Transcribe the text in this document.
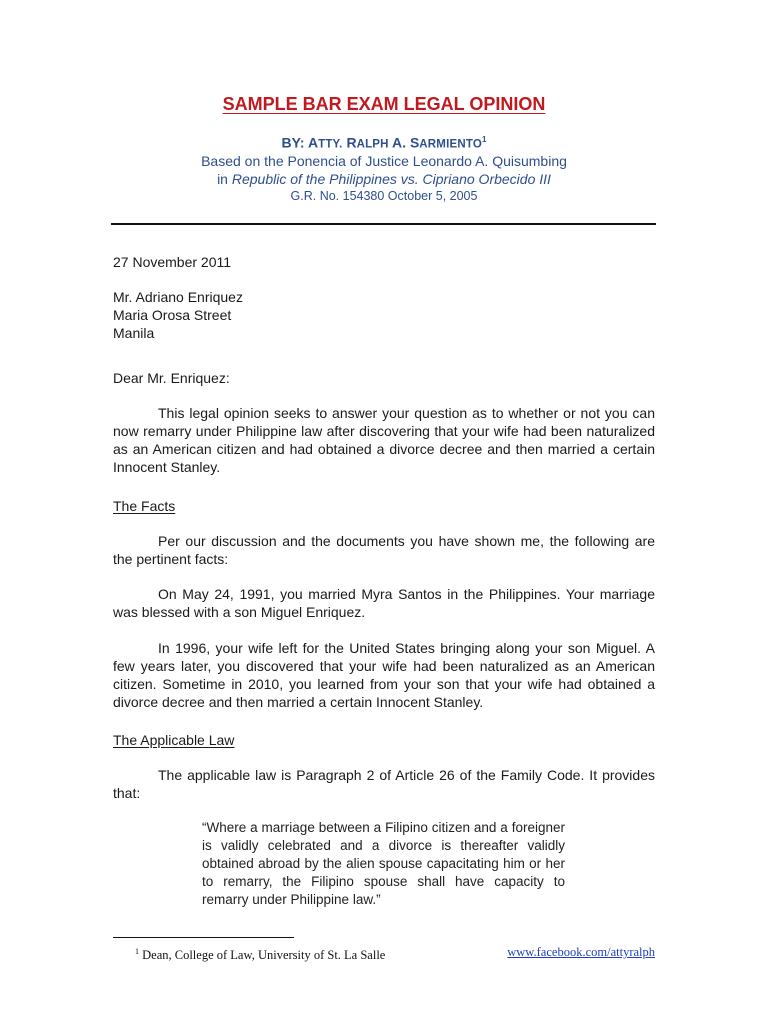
SAMPLE BAR EXAM LEGAL OPINION
BY: ATTY. RALPH A. SARMIENTO$^1$
Based on the Ponencia of Justice Leonardo A. Quisumbing
in Republic of the Philippines vs. Cipriano Orbecido III
G.R. No. 154380 October 5, 2005
27 November 2011
Mr. Adriano Enriquez
Maria Orosa Street
Manila
Dear Mr. Enriquez:
This legal opinion seeks to answer your question as to whether or not you can now remarry under Philippine law after discovering that your wife had been naturalized as an American citizen and had obtained a divorce decree and then married a certain Innocent Stanley.
The Facts
Per our discussion and the documents you have shown me, the following are the pertinent facts:
On May 24, 1991, you married Myra Santos in the Philippines. Your marriage was blessed with a son Miguel Enriquez.
In 1996, your wife left for the United States bringing along your son Miguel. A few years later, you discovered that your wife had been naturalized as an American citizen. Sometime in 2010, you learned from your son that your wife had obtained a divorce decree and then married a certain Innocent Stanley.
The Applicable Law
The applicable law is Paragraph 2 of Article 26 of the Family Code. It provides that:
“Where a marriage between a Filipino citizen and a foreigner is validly celebrated and a divorce is thereafter validly obtained abroad by the alien spouse capacitating him or her to remarry, the Filipino spouse shall have capacity to remarry under Philippine law.”
$^1$ Dean, College of Law, University of St. La Salle	www.facebook.com/attyralph
